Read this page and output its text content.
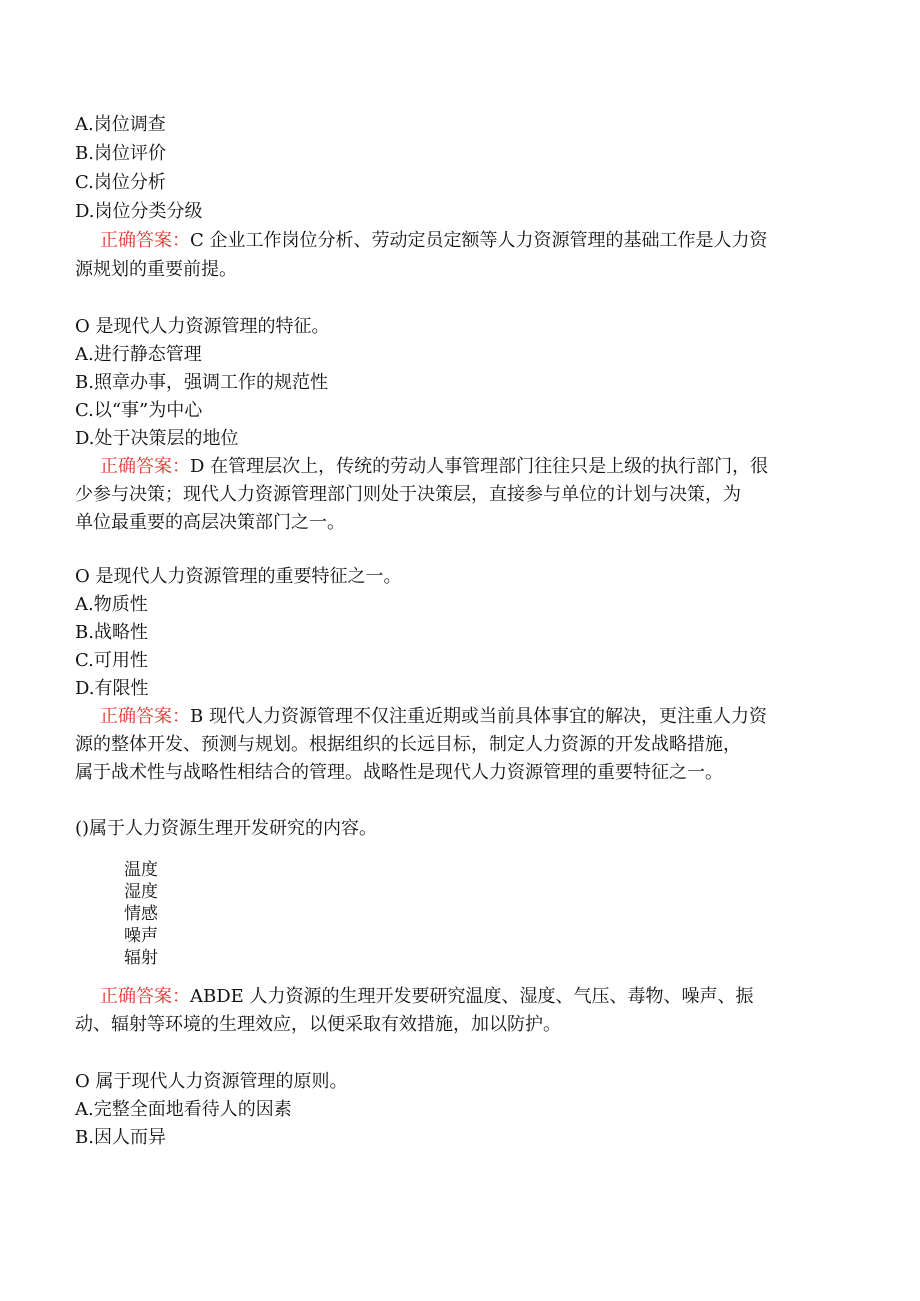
A.岗位调查
B.岗位评价
C.岗位分析
D.岗位分类分级
正确答案：C 企业工作岗位分析、劳动定员定额等人力资源管理的基础工作是人力资
源规划的重要前提。
O 是现代人力资源管理的特征。
A.进行静态管理
B.照章办事，强调工作的规范性
C.以“事”为中心
D.处于决策层的地位
正确答案：D 在管理层次上，传统的劳动人事管理部门往往只是上级的执行部门，很
少参与决策；现代人力资源管理部门则处于决策层，直接参与单位的计划与决策，为
单位最重要的高层决策部门之一。
O 是现代人力资源管理的重要特征之一。
A.物质性
B.战略性
C.可用性
D.有限性
正确答案：B 现代人力资源管理不仅注重近期或当前具体事宜的解决，更注重人力资
源的整体开发、预测与规划。根据组织的长远目标，制定人力资源的开发战略措施，
属于战术性与战略性相结合的管理。战略性是现代人力资源管理的重要特征之一。
()属于人力资源生理开发研究的内容。
温度
湿度
情感
噪声
辐射
正确答案：ABDE 人力资源的生理开发要研究温度、湿度、气压、毒物、噪声、振
动、辐射等环境的生理效应，以便采取有效措施，加以防护。
O 属于现代人力资源管理的原则。
A.完整全面地看待人的因素
B.因人而异
